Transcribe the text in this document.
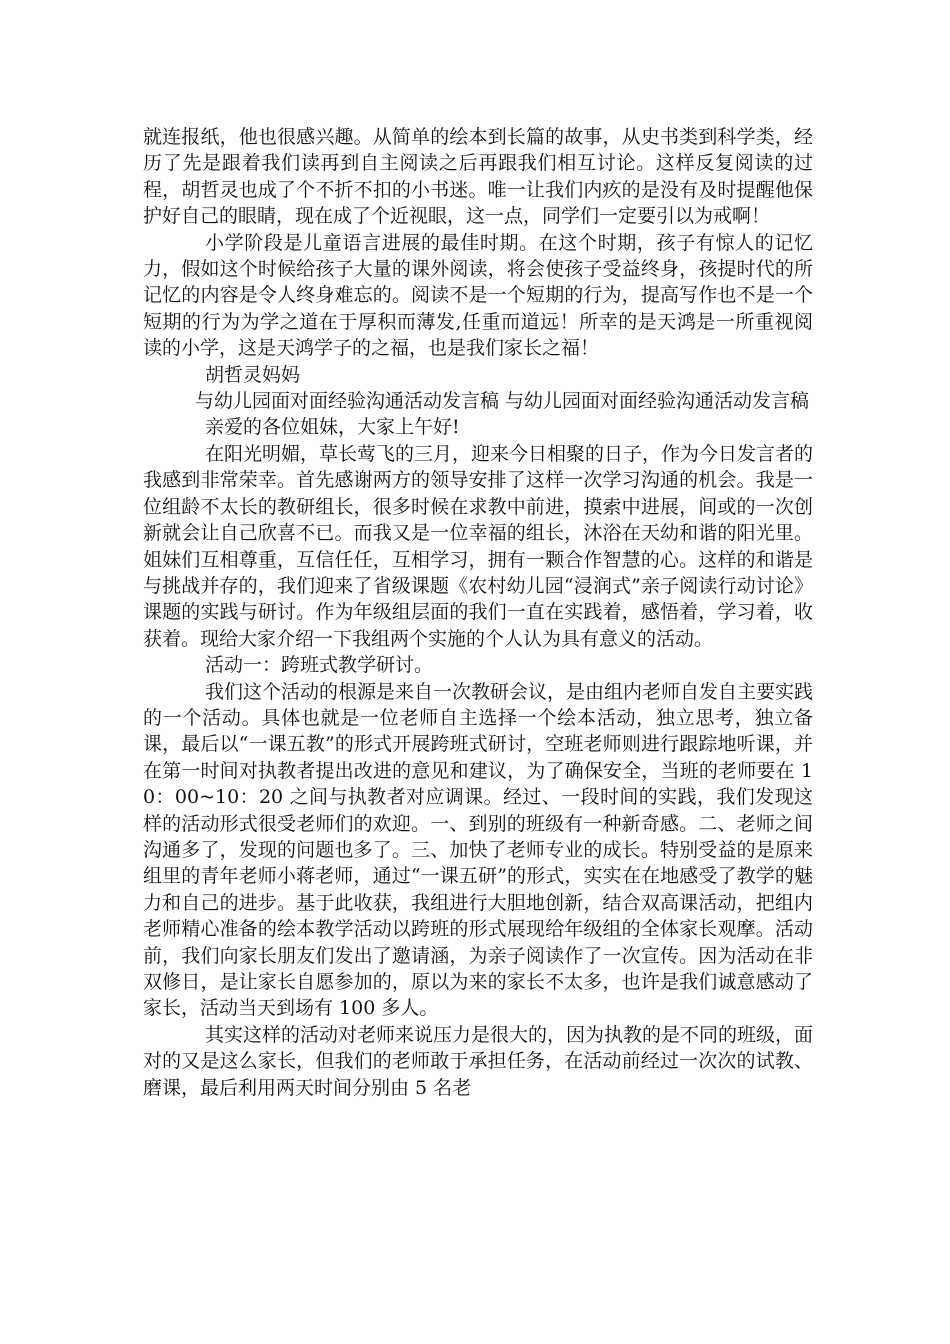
就连报纸，他也很感兴趣。从简单的绘本到长篇的故事，从史书类到科学类，经历了先是跟着我们读再到自主阅读之后再跟我们相互讨论。这样反复阅读的过程，胡哲灵也成了个不折不扣的小书迷。唯一让我们内疚的是没有及时提醒他保护好自己的眼睛，现在成了个近视眼，这一点，同学们一定要引以为戒啊！

小学阶段是儿童语言进展的最佳时期。在这个时期，孩子有惊人的记忆力，假如这个时候给孩子大量的课外阅读，将会使孩子受益终身，孩提时代的所记忆的内容是令人终身难忘的。阅读不是一个短期的行为，提高写作也不是一个短期的行为为学之道在于厚积而薄发,任重而道远！所幸的是天鸿是一所重视阅读的小学，这是天鸿学子的之福，也是我们家长之福！

胡哲灵妈妈

与幼儿园面对面经验沟通活动发言稿 与幼儿园面对面经验沟通活动发言稿

亲爱的各位姐妹，大家上午好!

在阳光明媚，草长莺飞的三月，迎来今日相聚的日子，作为今日发言者的我感到非常荣幸。首先感谢两方的领导安排了这样一次学习沟通的机会。我是一位组龄不太长的教研组长，很多时候在求教中前进，摸索中进展，间或的一次创新就会让自己欣喜不已。而我又是一位幸福的组长，沐浴在天幼和谐的阳光里。姐妹们互相尊重，互信任任，互相学习，拥有一颗合作智慧的心。这样的和谐是与挑战并存的，我们迎来了省级课题《农村幼儿园“浸润式”亲子阅读行动讨论》课题的实践与研讨。作为年级组层面的我们一直在实践着，感悟着，学习着，收获着。现给大家介绍一下我组两个实施的个人认为具有意义的活动。

活动一：跨班式教学研讨。

我们这个活动的根源是来自一次教研会议，是由组内老师自发自主要实践的一个活动。具体也就是一位老师自主选择一个绘本活动，独立思考，独立备课，最后以“一课五教”的形式开展跨班式研讨，空班老师则进行跟踪地听课，并在第一时间对执教者提出改进的意见和建议，为了确保安全，当班的老师要在 10：00~10：20 之间与执教者对应调课。经过、一段时间的实践，我们发现这样的活动形式很受老师们的欢迎。一、到别的班级有一种新奇感。二、老师之间沟通多了，发现的问题也多了。三、加快了老师专业的成长。特别受益的是原来组里的青年老师小蒋老师，通过“一课五研”的形式，实实在在地感受了教学的魅力和自己的进步。基于此收获，我组进行大胆地创新，结合双高课活动，把组内老师精心准备的绘本教学活动以跨班的形式展现给年级组的全体家长观摩。活动前，我们向家长朋友们发出了邀请涵，为亲子阅读作了一次宣传。因为活动在非双修日，是让家长自愿参加的，原以为来的家长不太多，也许是我们诚意感动了家长，活动当天到场有 100 多人。

其实这样的活动对老师来说压力是很大的，因为执教的是不同的班级，面对的又是这么家长，但我们的老师敢于承担任务，在活动前经过一次次的试教、磨课，最后利用两天时间分别由 5 名老
